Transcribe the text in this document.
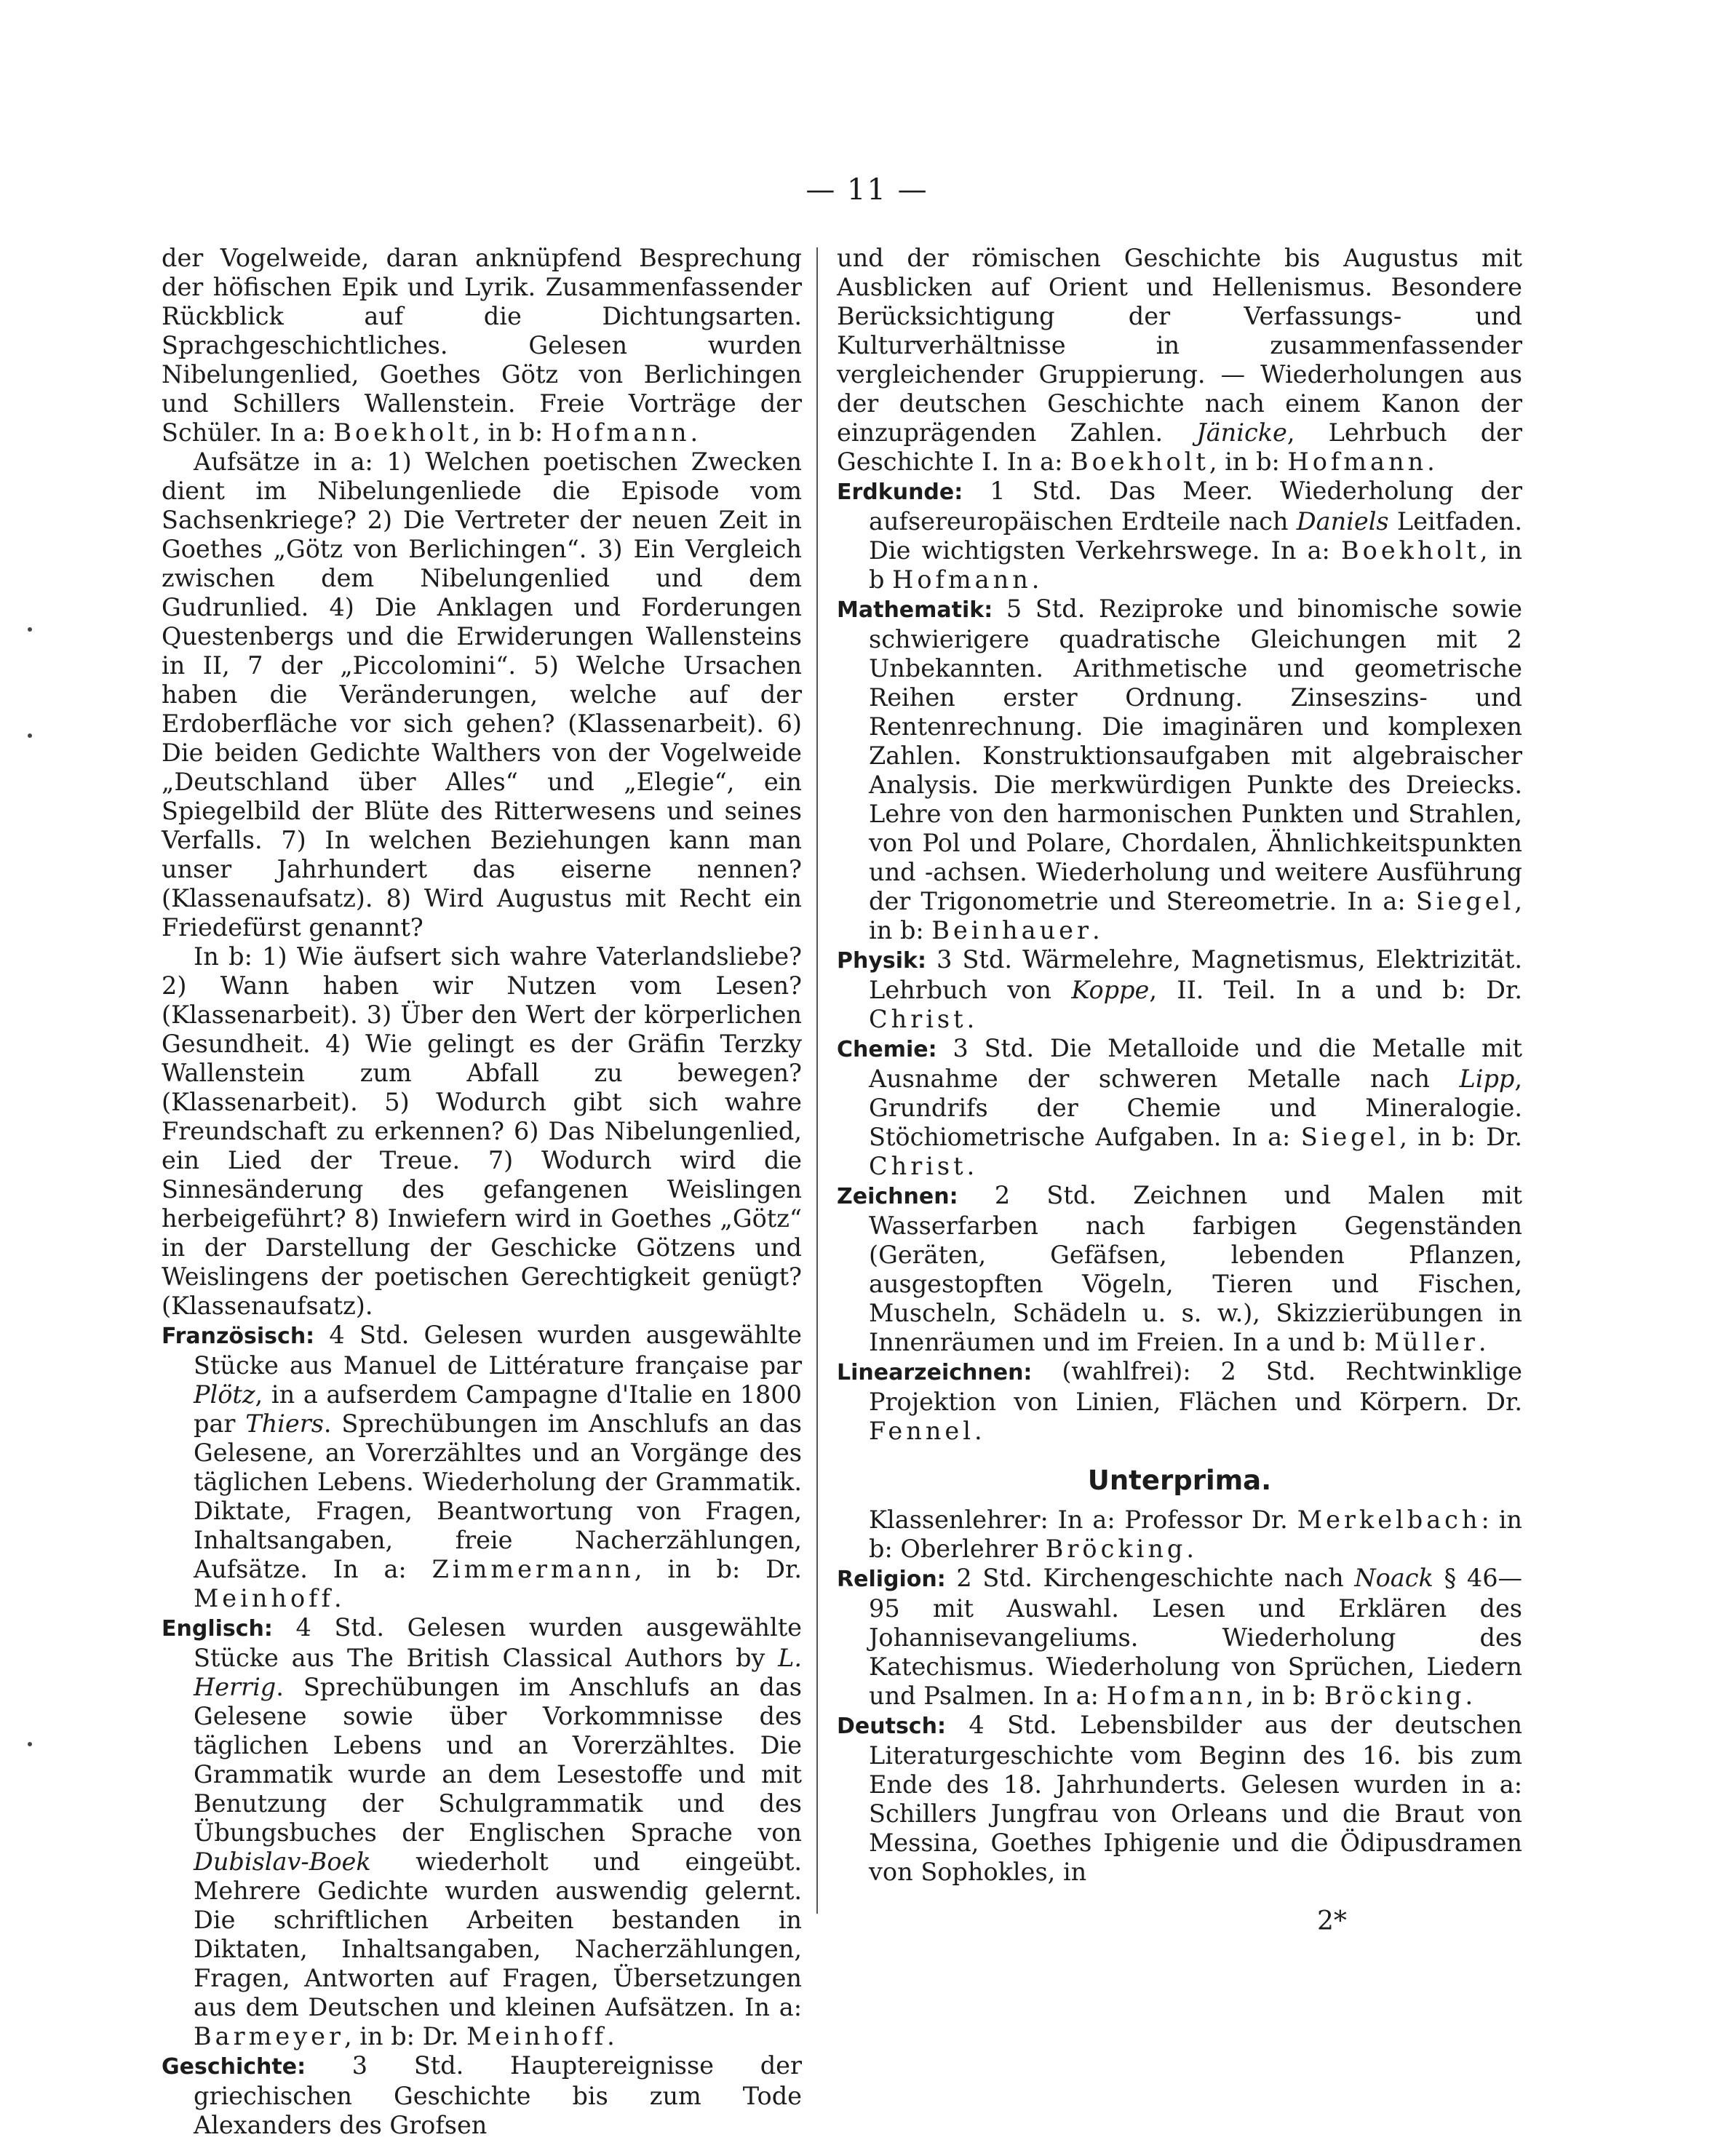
— 11 —

der Vogelweide, daran anknüpfend Besprechung der höfischen Epik und Lyrik. Zusammenfassender Rückblick auf die Dichtungsarten. Sprachgeschichtliches. Gelesen wurden Nibelungenlied, Goethes Götz von Berlichingen und Schillers Wallenstein. Freie Vorträge der Schüler. In a: Boekholt, in b: Hofmann.

Aufsätze in a: 1) Welchen poetischen Zwecken dient im Nibelungenliede die Episode vom Sachsenkriege? 2) Die Vertreter der neuen Zeit in Goethes „Götz von Berlichingen“. 3) Ein Vergleich zwischen dem Nibelungenlied und dem Gudrunlied. 4) Die Anklagen und Forderungen Questenbergs und die Erwiderungen Wallensteins in II, 7 der „Piccolomini“. 5) Welche Ursachen haben die Veränderungen, welche auf der Erdoberfläche vor sich gehen? (Klassenarbeit). 6) Die beiden Gedichte Walthers von der Vogelweide „Deutschland über Alles“ und „Elegie“, ein Spiegelbild der Blüte des Ritterwesens und seines Verfalls. 7) In welchen Beziehungen kann man unser Jahrhundert das eiserne nennen? (Klassenaufsatz). 8) Wird Augustus mit Recht ein Friedefürst genannt?

In b: 1) Wie äufsert sich wahre Vaterlandsliebe? 2) Wann haben wir Nutzen vom Lesen? (Klassenarbeit). 3) Über den Wert der körperlichen Gesundheit. 4) Wie gelingt es der Gräfin Terzky Wallenstein zum Abfall zu bewegen? (Klassenarbeit). 5) Wodurch gibt sich wahre Freundschaft zu erkennen? 6) Das Nibelungenlied, ein Lied der Treue. 7) Wodurch wird die Sinnesänderung des gefangenen Weislingen herbeigeführt? 8) Inwiefern wird in Goethes „Götz“ in der Darstellung der Geschicke Götzens und Weislingens der poetischen Gerechtigkeit genügt? (Klassenaufsatz).

Französisch: 4 Std. Gelesen wurden ausgewählte Stücke aus Manuel de Littérature française par Plötz, in a aufserdem Campagne d'Italie en 1800 par Thiers. Sprechübungen im Anschlufs an das Gelesene, an Vorerzähltes und an Vorgänge des täglichen Lebens. Wiederholung der Grammatik. Diktate, Fragen, Beantwortung von Fragen, Inhaltsangaben, freie Nacherzählungen, Aufsätze. In a: Zimmermann, in b: Dr. Meinhoff.

Englisch: 4 Std. Gelesen wurden ausgewählte Stücke aus The British Classical Authors by L. Herrig. Sprechübungen im Anschlufs an das Gelesene sowie über Vorkommnisse des täglichen Lebens und an Vorerzähltes. Die Grammatik wurde an dem Lesestoffe und mit Benutzung der Schulgrammatik und des Übungsbuches der Englischen Sprache von Dubislav-Boek wiederholt und eingeübt. Mehrere Gedichte wurden auswendig gelernt. Die schriftlichen Arbeiten bestanden in Diktaten, Inhaltsangaben, Nacherzählungen, Fragen, Antworten auf Fragen, Übersetzungen aus dem Deutschen und kleinen Aufsätzen. In a: Barmeyer, in b: Dr. Meinhoff.

Geschichte: 3 Std. Hauptereignisse der griechischen Geschichte bis zum Tode Alexanders des Grofsen

und der römischen Geschichte bis Augustus mit Ausblicken auf Orient und Hellenismus. Besondere Berücksichtigung der Verfassungs- und Kulturverhältnisse in zusammenfassender vergleichender Gruppierung. — Wiederholungen aus der deutschen Geschichte nach einem Kanon der einzuprägenden Zahlen. Jänicke, Lehrbuch der Geschichte I. In a: Boekholt, in b: Hofmann.

Erdkunde: 1 Std. Das Meer. Wiederholung der aufsereuropäischen Erdteile nach Daniels Leitfaden. Die wichtigsten Verkehrswege. In a: Boekholt, in b Hofmann.

Mathematik: 5 Std. Reziproke und binomische sowie schwierigere quadratische Gleichungen mit 2 Unbekannten. Arithmetische und geometrische Reihen erster Ordnung. Zinseszins- und Rentenrechnung. Die imaginären und komplexen Zahlen. Konstruktionsaufgaben mit algebraischer Analysis. Die merkwürdigen Punkte des Dreiecks. Lehre von den harmonischen Punkten und Strahlen, von Pol und Polare, Chordalen, Ähnlichkeitspunkten und -achsen. Wiederholung und weitere Ausführung der Trigonometrie und Stereometrie. In a: Siegel, in b: Beinhauer.

Physik: 3 Std. Wärmelehre, Magnetismus, Elektrizität. Lehrbuch von Koppe, II. Teil. In a und b: Dr. Christ.

Chemie: 3 Std. Die Metalloide und die Metalle mit Ausnahme der schweren Metalle nach Lipp, Grundrifs der Chemie und Mineralogie. Stöchiometrische Aufgaben. In a: Siegel, in b: Dr. Christ.

Zeichnen: 2 Std. Zeichnen und Malen mit Wasserfarben nach farbigen Gegenständen (Geräten, Gefäfsen, lebenden Pflanzen, ausgestopften Vögeln, Tieren und Fischen, Muscheln, Schädeln u. s. w.), Skizzierübungen in Innenräumen und im Freien. In a und b: Müller.

Linearzeichnen: (wahlfrei): 2 Std. Rechtwinklige Projektion von Linien, Flächen und Körpern. Dr. Fennel.

Unterprima.

Klassenlehrer: In a: Professor Dr. Merkelbach: in b: Oberlehrer Bröcking.

Religion: 2 Std. Kirchengeschichte nach Noack § 46—95 mit Auswahl. Lesen und Erklären des Johannisevangeliums. Wiederholung des Katechismus. Wiederholung von Sprüchen, Liedern und Psalmen. In a: Hofmann, in b: Bröcking.

Deutsch: 4 Std. Lebensbilder aus der deutschen Literaturgeschichte vom Beginn des 16. bis zum Ende des 18. Jahrhunderts. Gelesen wurden in a: Schillers Jungfrau von Orleans und die Braut von Messina, Goethes Iphigenie und die Ödipusdramen von Sophokles, in

2*
